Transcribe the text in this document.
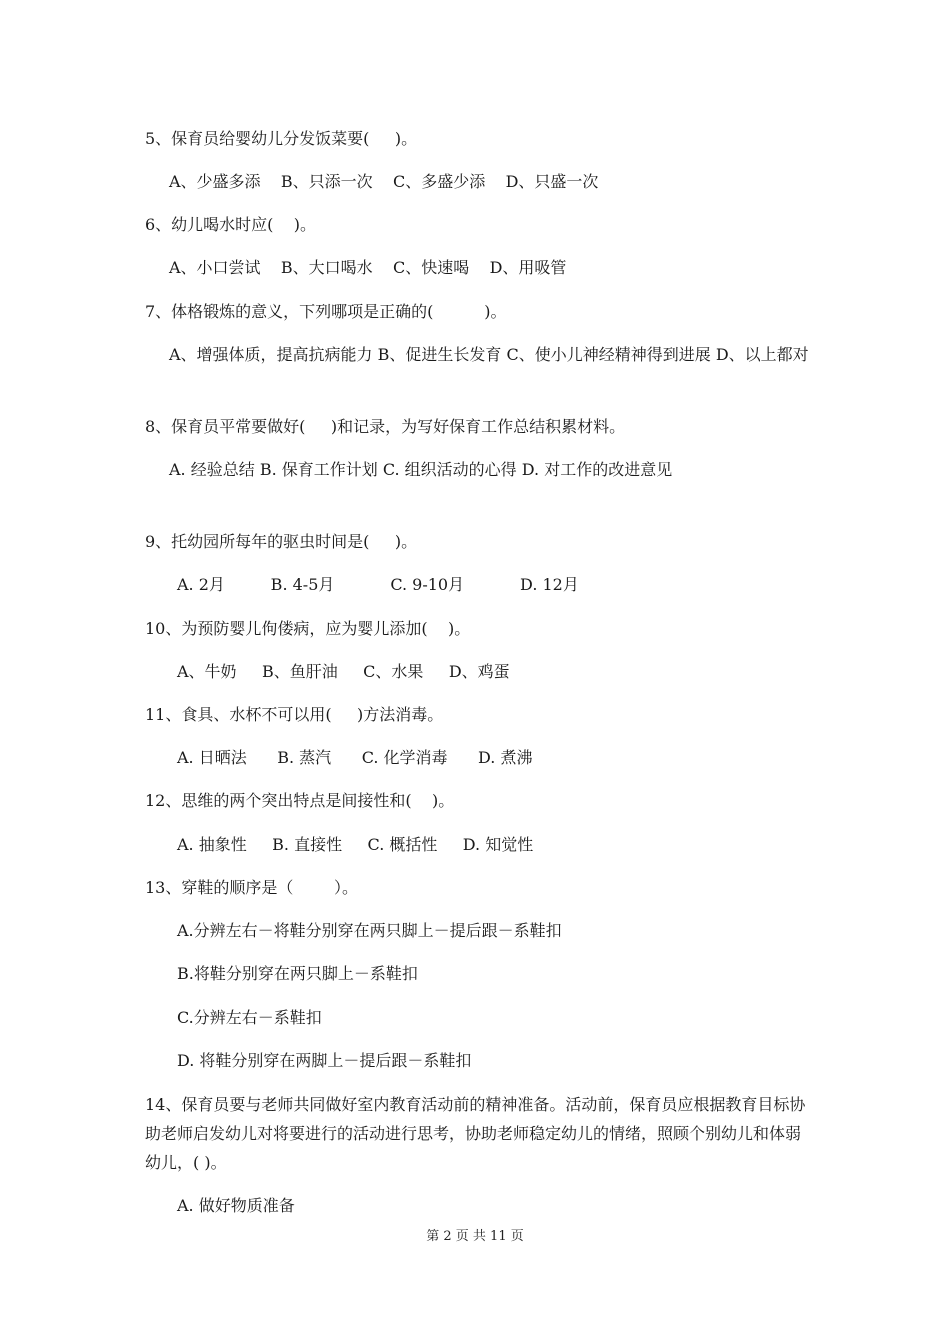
5、保育员给婴幼儿分发饭菜要(     )。
A、少盛多添    B、只添一次    C、多盛少添    D、只盛一次
6、幼儿喝水时应(    )。
A、小口尝试    B、大口喝水    C、快速喝    D、用吸管
7、体格锻炼的意义，下列哪项是正确的(          )。
A、增强体质，提高抗病能力 B、促进生长发育 C、使小儿神经精神得到进展 D、以上都对
8、保育员平常要做好(     )和记录，为写好保育工作总结积累材料。
A. 经验总结 B. 保育工作计划 C. 组织活动的心得 D. 对工作的改进意见
9、托幼园所每年的驱虫时间是(     )。
A. 2月         B. 4-5月           C. 9-10月           D. 12月
10、为预防婴儿佝偻病，应为婴儿添加(    )。
A、牛奶     B、鱼肝油     C、水果     D、鸡蛋
11、食具、水杯不可以用(     )方法消毒。
A. 日晒法      B. 蒸汽      C. 化学消毒      D. 煮沸
12、思维的两个突出特点是间接性和(    )。
A. 抽象性     B. 直接性     C. 概括性     D. 知觉性
13、穿鞋的顺序是（        ）。
A.分辨左右－将鞋分别穿在两只脚上－提后跟－系鞋扣
B.将鞋分别穿在两只脚上－系鞋扣
C.分辨左右－系鞋扣
D. 将鞋分别穿在两脚上－提后跟－系鞋扣
14、保育员要与老师共同做好室内教育活动前的精神准备。活动前，保育员应根据教育目标协助老师启发幼儿对将要进行的活动进行思考，协助老师稳定幼儿的情绪，照顾个别幼儿和体弱幼儿，( )。
A. 做好物质准备
第 2 页 共 11 页
